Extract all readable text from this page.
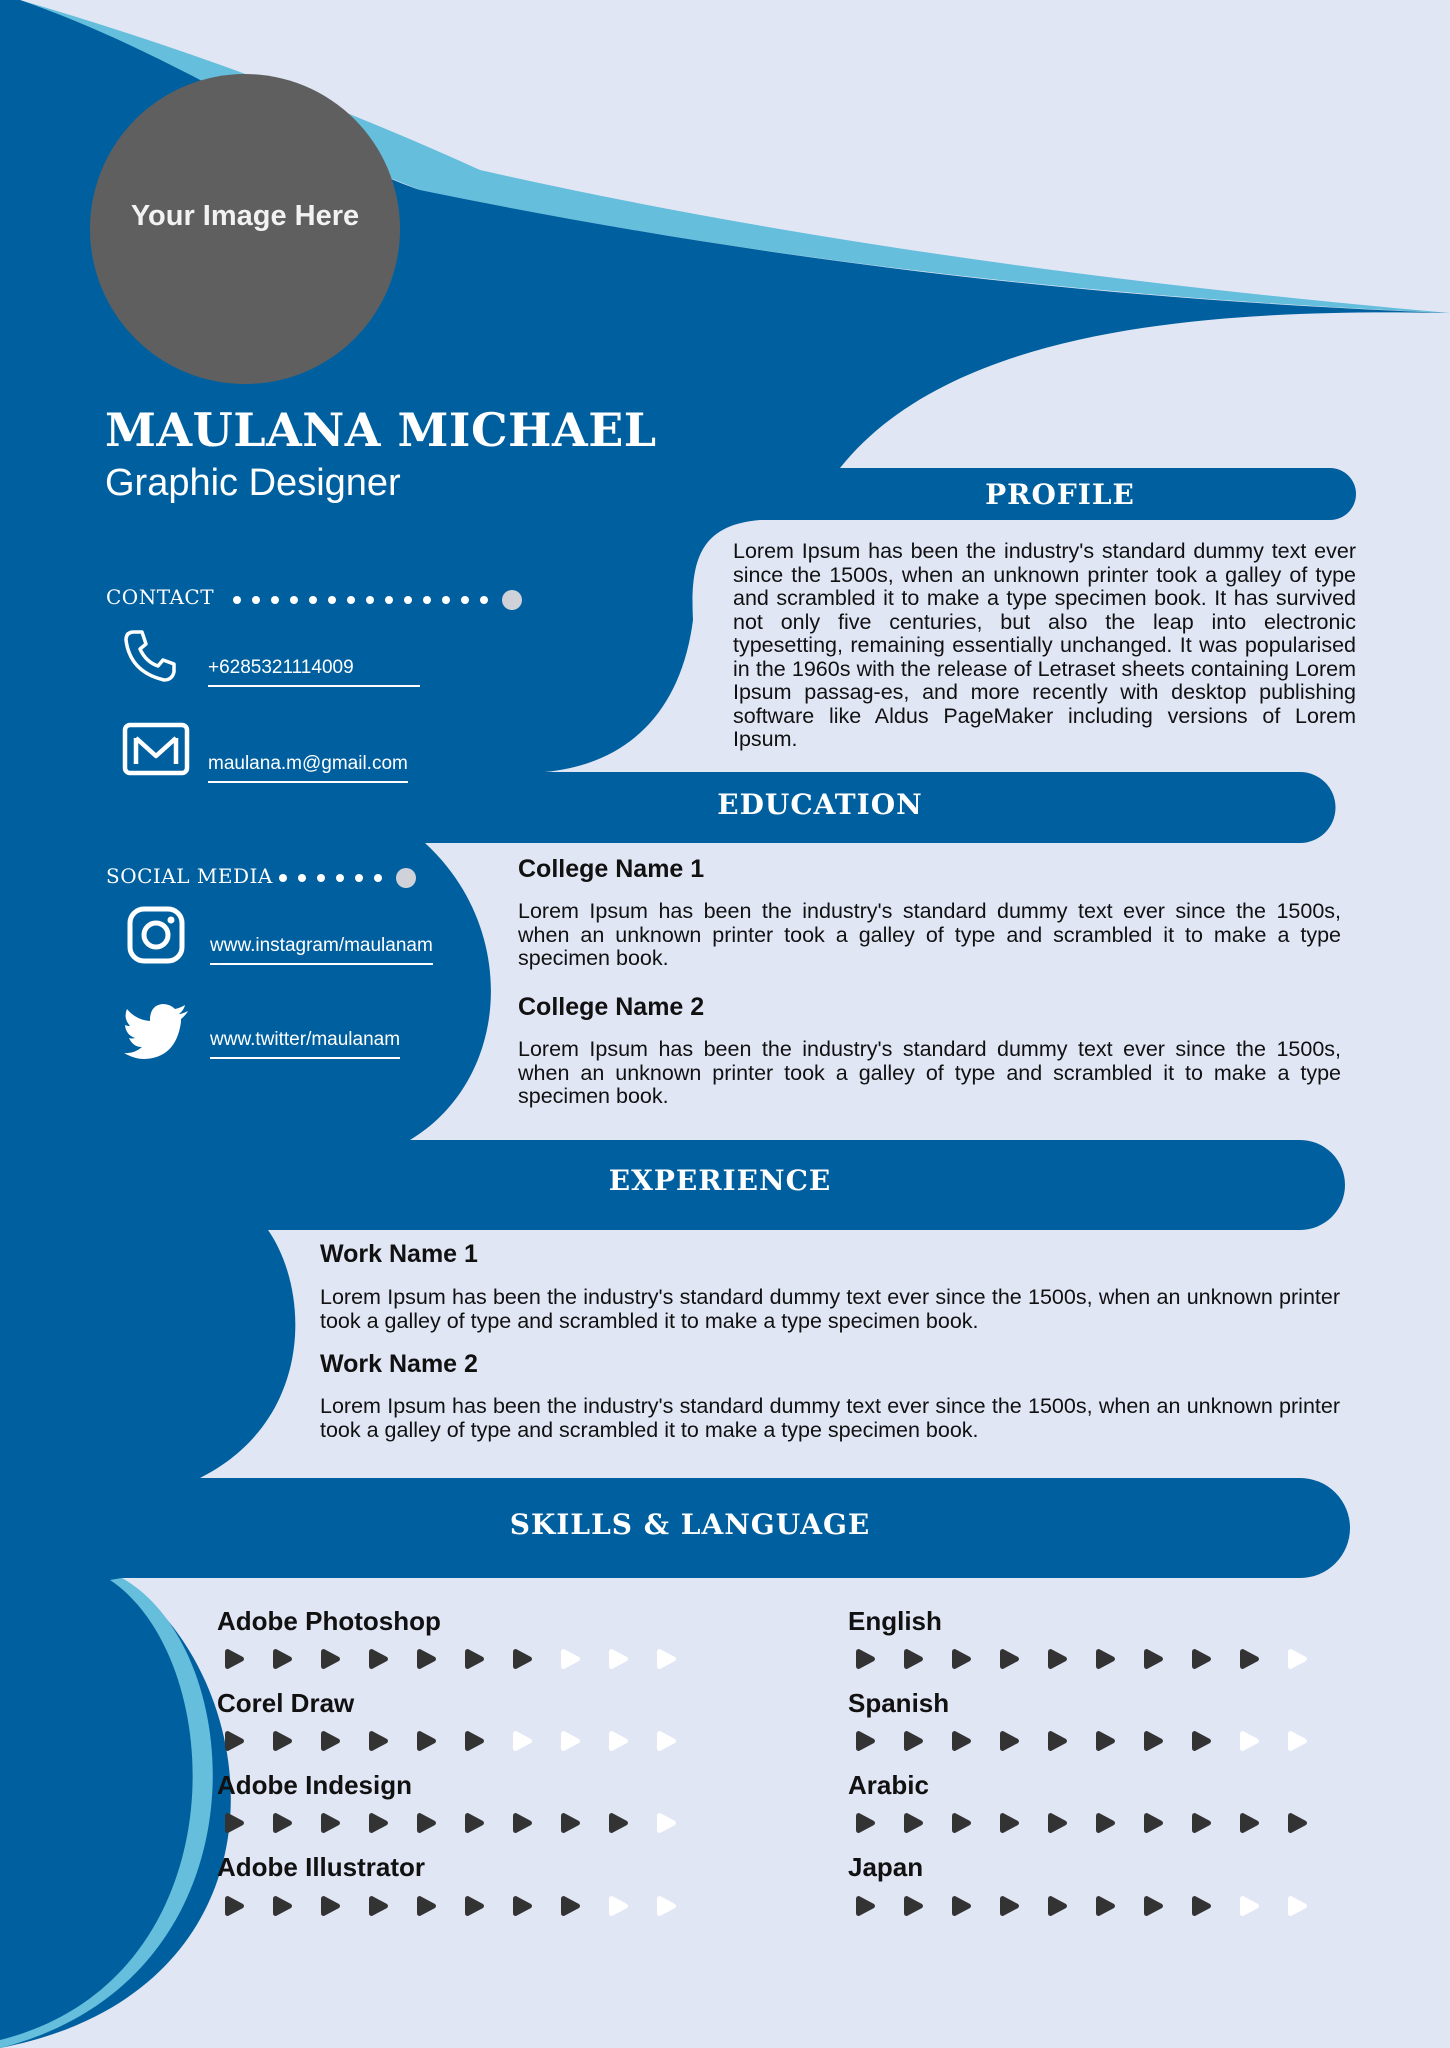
Your Image Here
MAULANA MICHAEL
Graphic Designer
CONTACT
+6285321114009
maulana.m@gmail.com
SOCIAL MEDIA
www.instagram/maulanam
www.twitter/maulanam
PROFILE
Lorem Ipsum has been the industry's standard dummy text ever since the 1500s, when an unknown printer took a galley of type and scrambled it to make a type specimen book. It has survived not only five centuries, but also the leap into electronic typesetting, remaining essentially unchanged. It was popularised in the 1960s with the release of Letraset sheets containing Lorem Ipsum passag-es, and more recently with desktop publishing software like Aldus PageMaker including versions of Lorem Ipsum.
EDUCATION
College Name 1
Lorem Ipsum has been the industry's standard dummy text ever since the 1500s, when an unknown printer took a galley of type and scrambled it to make a type specimen book.
College Name 2
Lorem Ipsum has been the industry's standard dummy text ever since the 1500s, when an unknown printer took a galley of type and scrambled it to make a type specimen book.
EXPERIENCE
Work Name 1
Lorem Ipsum has been the industry's standard dummy text ever since the 1500s, when an unknown printer took a galley of type and scrambled it to make a type specimen book.
Work Name 2
Lorem Ipsum has been the industry's standard dummy text ever since the 1500s, when an unknown printer took a galley of type and scrambled it to make a type specimen book.
SKILLS & LANGUAGE
Adobe Photoshop
Corel Draw
Adobe Indesign
Adobe Illustrator
English
Spanish
Arabic
Japan
